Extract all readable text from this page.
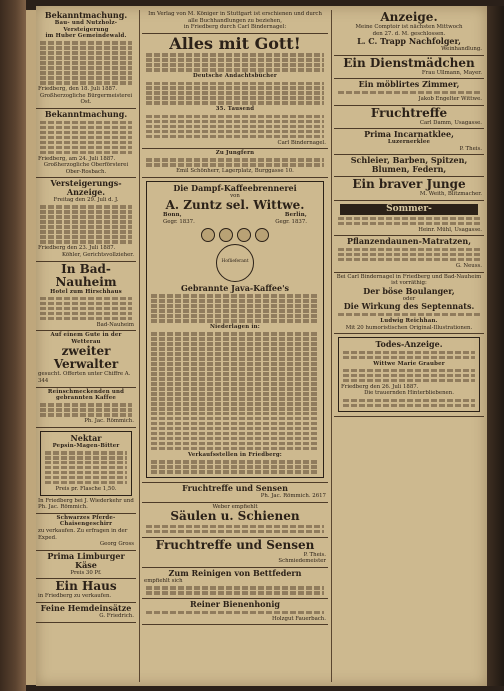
Bekanntmachung.
Bau- und Nutzholz-Versteigerung
im Huber Gemeindewald.
Friedberg, den 18. Juli 1887.
Großherzogliche Bürgermeisterei Ost.
Bekanntmachung.
Friedberg, am 24. Juli 1887.
Großherzogliche Oberförsterei Ober-Rosbach.
Versteigerungs-Anzeige.
Freitag den 29. Juli d. J.
Friedberg den 23. Juli 1887.
Köhler, Gerichtsvollzieher.
In Bad-Nauheim
Hotel zum Hirschhaus
Bad-Nauheim
Auf einem Gute in der Wetterau
zweiter Verwalter
gesucht. Offerten unter Chiffre A. 344
Reinschmeckenden und gebrannten Kaffee
Ph. Jac. Römmich.
Nektar
Pepsin-Magen-Bitter
Preis pr. Flasche 1,50.
In Friedberg bei J. Wiederkehr und Ph. Jac. Römmich.
Schwarzes Pferde-Chaisengeschirr
zu verkaufen. Zu erfragen in der Exped.
Georg Gross
Prima Limburger Käse
Preis 30 Pf.
Ein Haus
in Friedberg zu verkaufen.
Feine Hemdeinsätze
G. Friedrich.
Im Verlag von M. Königer in Stuttgart ist erschienen und durch alle Buchhandlungen zu beziehen,
in Friedberg durch Carl Bindernagel:
Alles mit Gott!
Deutsche Andachtsbücher
35. Tausend
Carl Bindernagel.
Zu Jungfern
Emil Schönherr, Lagerplatz, Burggasse 10.
Die Dampf-Kaffeebrennerei
von
A. Zuntz sel. Wittwe.
Bonn,	Berlin,
Gegr. 1837.	Gegr. 1837.
Hoflieferant
Gebrannte Java-Kaffee's
Niederlagen in:
Verkaufsstellen in Friedberg:
Fruchtreffe und Sensen
Ph. Jac. Römmich. 2617
Weber empfiehlt
Säulen u. Schienen
Fruchtreffe und Sensen
P. Theis.
Schmiedemeister
Zum Reinigen von Bettfedern
empfiehlt sich
Reiner Bienenhonig
Holzgut Fauerbach.
Anzeige.
Meine Comptoir ist nächsten Mittwoch
den 27. d. M. geschlossen.
L. C. Trapp Nachfolger,
Weinhandlung.
Ein Dienstmädchen
Frau Ullmann, Mayer.
Ein möblirtes Zimmer,
Jakob Engelter Wittwe.
Fruchtreffe
Carl Damm, Usagasse.
Prima Incarnatklee,
Luzernerklee
P. Theis.
Schleier, Barben, Spitzen,
Blumen, Federn,
Ein braver Junge
M. Weith, Blitzmacher.
Sommer-
Heinr. Mühl, Usagasse.
Pflanzendaunen-Matratzen,
G. Neuss.
Bei Carl Bindernagel in Friedberg und Bad-Nauheim ist vorräthig:
Der böse Boulanger,
oder
Die Wirkung des Septennats.
Ludwig Reichhan.
Mit 20 humoristischen Original-Illustrationen.
Todes-Anzeige.
Wittwe Marie Grauber
Friedberg den 26. Juli 1887.
Die trauernden Hinterbliebenen.
